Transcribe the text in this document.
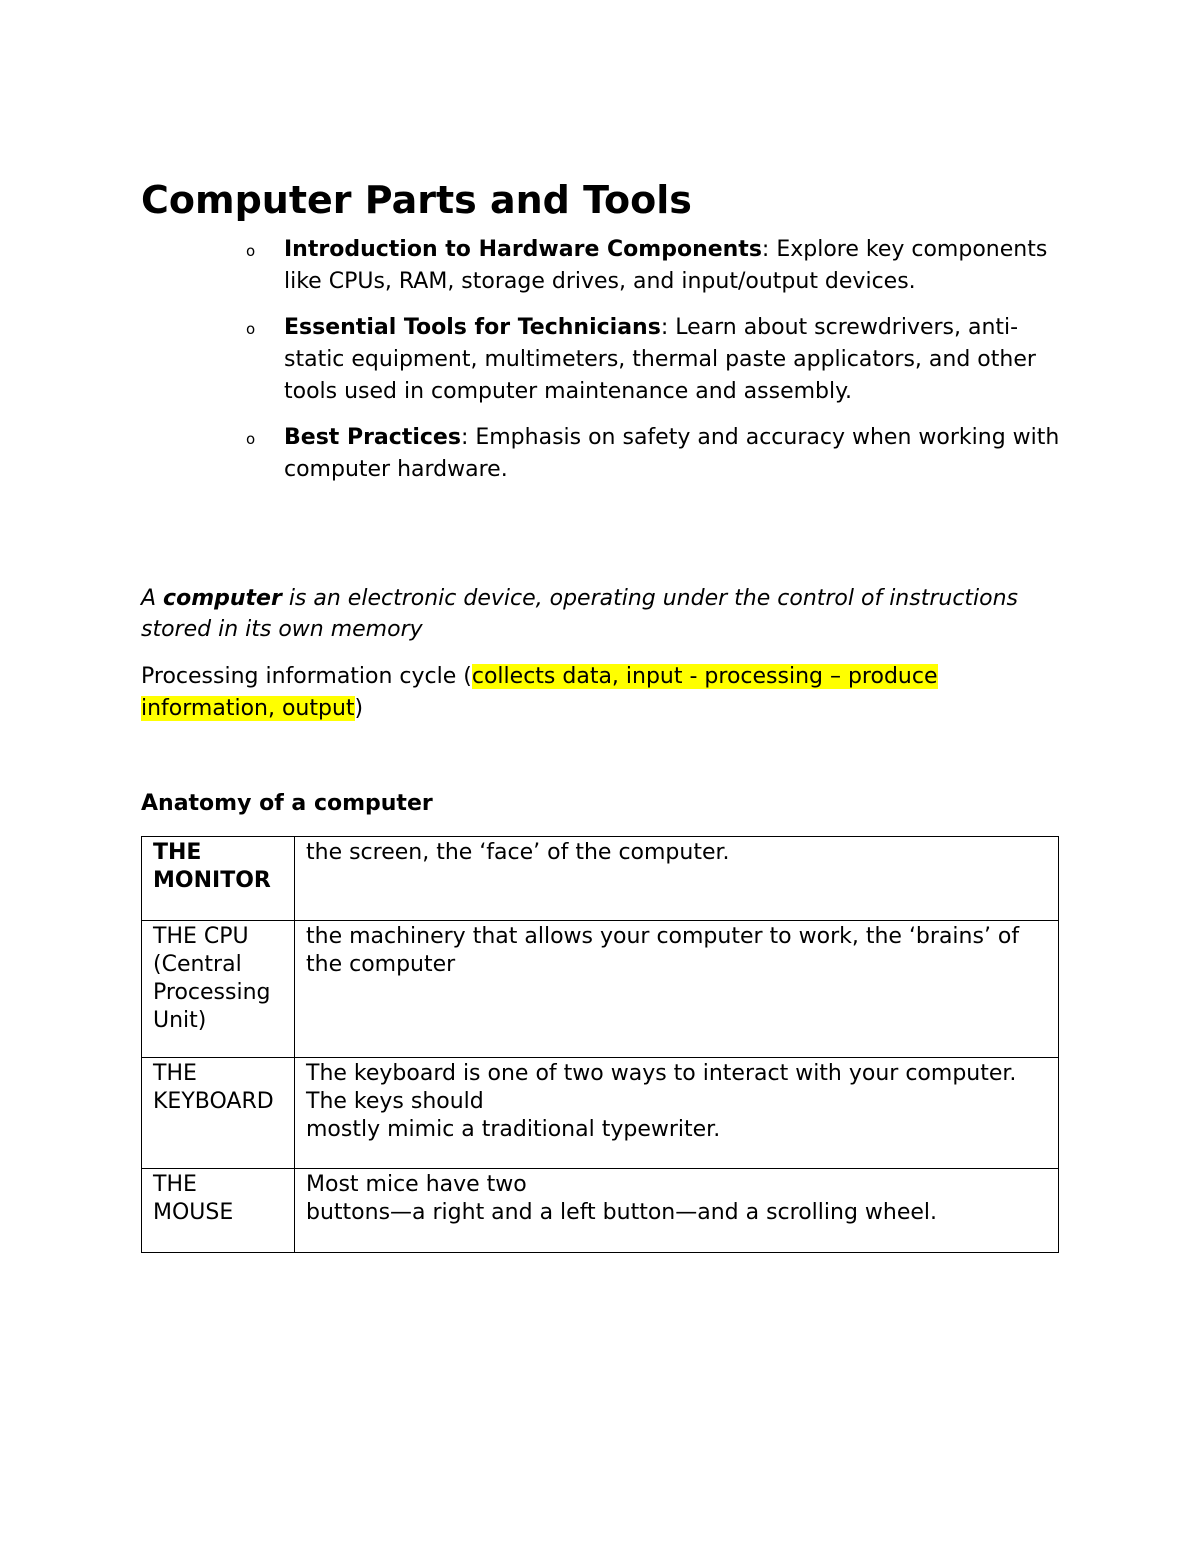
Computer Parts and Tools
o Introduction to Hardware Components: Explore key components like CPUs, RAM, storage drives, and input/output devices.
o Essential Tools for Technicians: Learn about screwdrivers, anti-static equipment, multimeters, thermal paste applicators, and other tools used in computer maintenance and assembly.
o Best Practices: Emphasis on safety and accuracy when working with computer hardware.

A computer is an electronic device, operating under the control of instructions stored in its own memory

Processing information cycle (collects data, input - processing – produce information, output)

Anatomy of a computer
THE MONITOR	the screen, the ‘face’ of the computer.
THE CPU (Central Processing Unit)	the machinery that allows your computer to work, the ‘brains’ of the computer
THE KEYBOARD	The keyboard is one of two ways to interact with your computer. The keys should
mostly mimic a traditional typewriter.
THE MOUSE	Most mice have two
buttons—a right and a left button—and a scrolling wheel.
